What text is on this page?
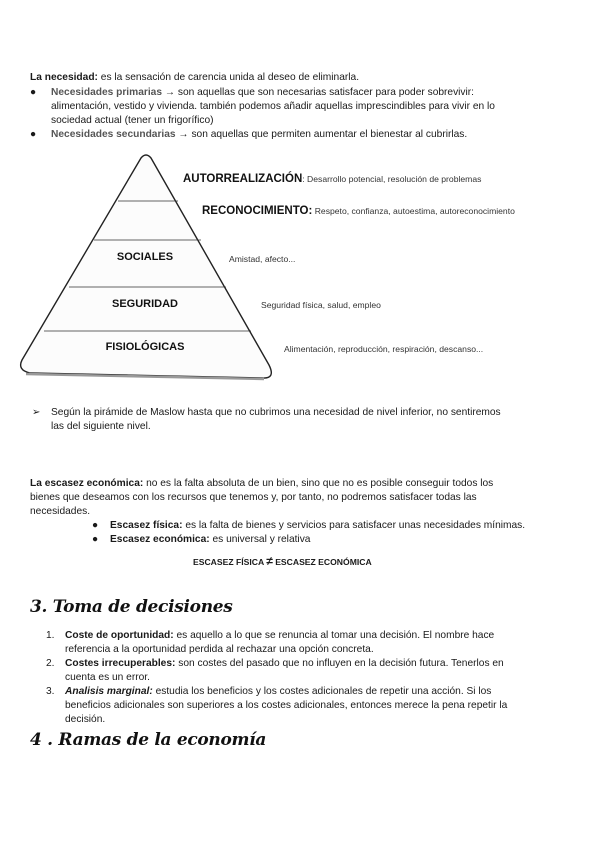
La necesidad: es la sensación de carencia unida al deseo de eliminarla.
● Necesidades primarias → son aquellas que son necesarias satisfacer para poder sobrevivir:
alimentación, vestido y vivienda. también podemos añadir aquellas imprescindibles para vivir en lo
sociedad actual (tener un frigorífico)
● Necesidades secundarias → son aquellas que permiten aumentar el bienestar al cubrirlas.
AUTORREALIZACIÓN: Desarrollo potencial, resolución de problemas
RECONOCIMIENTO: Respeto, confianza, autoestima, autoreconocimiento
SOCIALES	Amistad, afecto...
SEGURIDAD	Seguridad física, salud, empleo
FISIOLÓGICAS	Alimentación, reproducción, respiración, descanso...
➢ Según la pirámide de Maslow hasta que no cubrimos una necesidad de nivel inferior, no sentiremos
las del siguiente nivel.
La escasez económica: no es la falta absoluta de un bien, sino que no es posible conseguir todos los
bienes que deseamos con los recursos que tenemos y, por tanto, no podremos satisfacer todas las
necesidades.
● Escasez física: es la falta de bienes y servicios para satisfacer unas necesidades mínimas.
● Escasez económica: es universal y relativa
ESCASEZ FÍSICA ≠ ESCASEZ ECONÓMICA
3. Toma de decisiones
1. Coste de oportunidad: es aquello a lo que se renuncia al tomar una decisión. El nombre hace
referencia a la oportunidad perdida al rechazar una opción concreta.
2. Costes irrecuperables: son costes del pasado que no influyen en la decisión futura. Tenerlos en
cuenta es un error.
3. Analisis marginal: estudia los beneficios y los costes adicionales de repetir una acción. Si los
beneficios adicionales son superiores a los costes adicionales, entonces merece la pena repetir la
decisión.
4 . Ramas de la economía
